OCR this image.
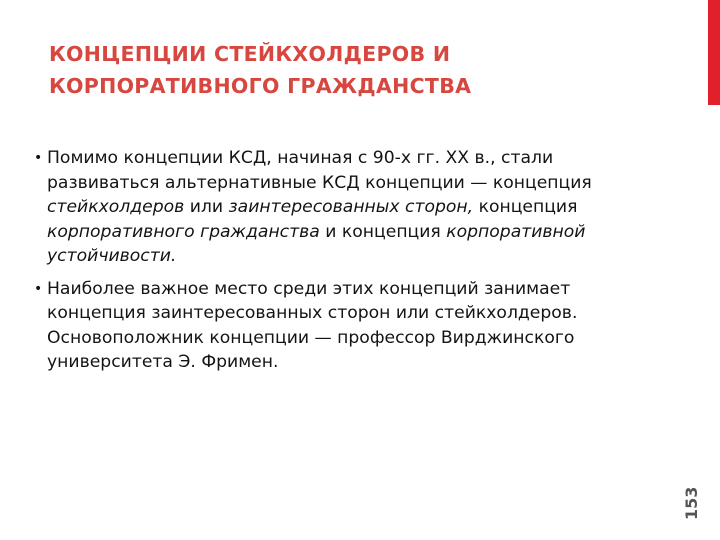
КОНЦЕПЦИИ СТЕЙКХОЛДЕРОВ И
КОРПОРАТИВНОГО ГРАЖДАНСТВА
• Помимо концепции КСД, начиная с 90-х гг. ХХ в., стали развиваться альтернативные КСД концепции — концепция стейкхолдеров или заинтересованных сторон, концепция корпоративного гражданства и концепция корпоративной устойчивости.
• Наиболее важное место среди этих концепций занимает концепция заинтересованных сторон или стейкхолдеров. Основоположник концепции — профессор Вирджинского университета Э. Фримен.
153
